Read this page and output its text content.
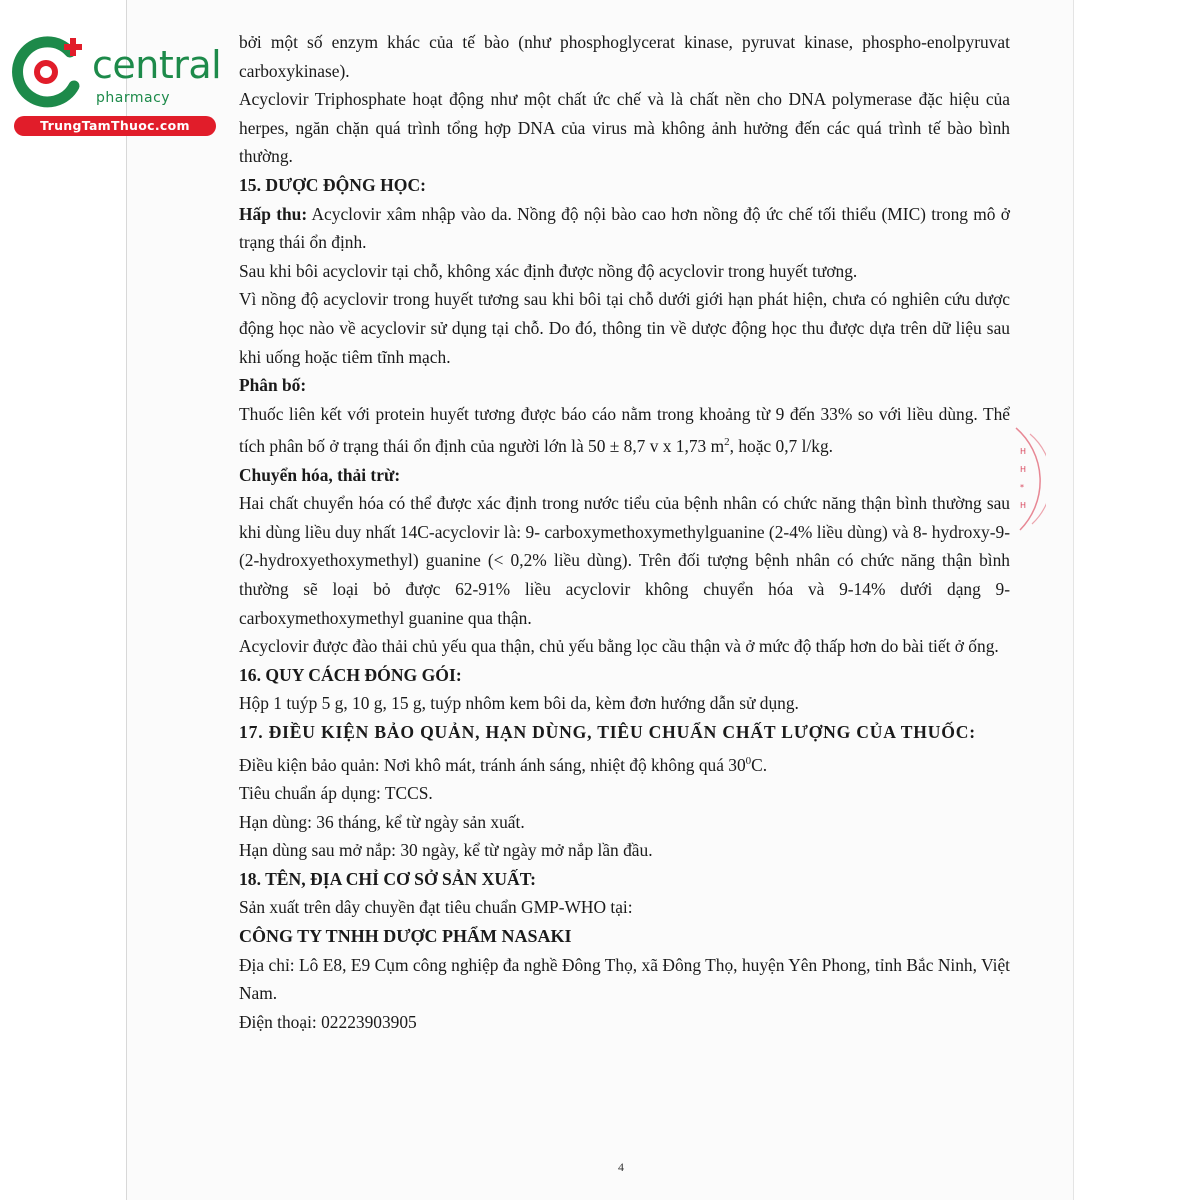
central
pharmacy
TrungTamThuoc.com

bởi một số enzym khác của tế bào (như phosphoglycerat kinase, pyruvat kinase, phospho-enolpyruvat carboxykinase).

Acyclovir Triphosphate hoạt động như một chất ức chế và là chất nền cho DNA polymerase đặc hiệu của herpes, ngăn chặn quá trình tổng hợp DNA của virus mà không ảnh hưởng đến các quá trình tế bào bình thường.

15. DƯỢC ĐỘNG HỌC:

Hấp thu: Acyclovir xâm nhập vào da. Nồng độ nội bào cao hơn nồng độ ức chế tối thiểu (MIC) trong mô ở trạng thái ổn định.

Sau khi bôi acyclovir tại chỗ, không xác định được nồng độ acyclovir trong huyết tương.

Vì nồng độ acyclovir trong huyết tương sau khi bôi tại chỗ dưới giới hạn phát hiện, chưa có nghiên cứu dược động học nào về acyclovir sử dụng tại chỗ. Do đó, thông tin về dược động học thu được dựa trên dữ liệu sau khi uống hoặc tiêm tĩnh mạch.

Phân bố:

Thuốc liên kết với protein huyết tương được báo cáo nằm trong khoảng từ 9 đến 33% so với liều dùng. Thể tích phân bố ở trạng thái ổn định của người lớn là 50 ± 8,7 v x 1,73 $m^2$, hoặc 0,7 l/kg.

Chuyển hóa, thải trừ:

Hai chất chuyển hóa có thể được xác định trong nước tiểu của bệnh nhân có chức năng thận bình thường sau khi dùng liều duy nhất 14C-acyclovir là: 9- carboxymethoxymethylguanine (2-4% liều dùng) và 8- hydroxy-9- (2-hydroxyethoxymethyl) guanine (< 0,2% liều dùng). Trên đối tượng bệnh nhân có chức năng thận bình thường sẽ loại bỏ được 62-91% liều acyclovir không chuyển hóa và 9-14% dưới dạng 9-carboxymethoxymethyl guanine qua thận.

Acyclovir được đào thải chủ yếu qua thận, chủ yếu bằng lọc cầu thận và ở mức độ thấp hơn do bài tiết ở ống.

16. QUY CÁCH ĐÓNG GÓI:

Hộp 1 tuýp 5 g, 10 g, 15 g, tuýp nhôm kem bôi da, kèm đơn hướng dẫn sử dụng.

17. ĐIỀU KIỆN BẢO QUẢN, HẠN DÙNG, TIÊU CHUẨN CHẤT LƯỢNG CỦA THUỐC:

Điều kiện bảo quản: Nơi khô mát, tránh ánh sáng, nhiệt độ không quá $30^0C$.

Tiêu chuẩn áp dụng: TCCS.

Hạn dùng: 36 tháng, kể từ ngày sản xuất.

Hạn dùng sau mở nắp: 30 ngày, kể từ ngày mở nắp lần đầu.

18. TÊN, ĐỊA CHỈ CƠ SỞ SẢN XUẤT:

Sản xuất trên dây chuyền đạt tiêu chuẩn GMP-WHO tại:

CÔNG TY TNHH DƯỢC PHẨM NASAKI

Địa chỉ: Lô E8, E9 Cụm công nghiệp đa nghề Đông Thọ, xã Đông Thọ, huyện Yên Phong, tỉnh Bắc Ninh, Việt Nam.

Điện thoại: 02223903905

H
H
*
H
4
